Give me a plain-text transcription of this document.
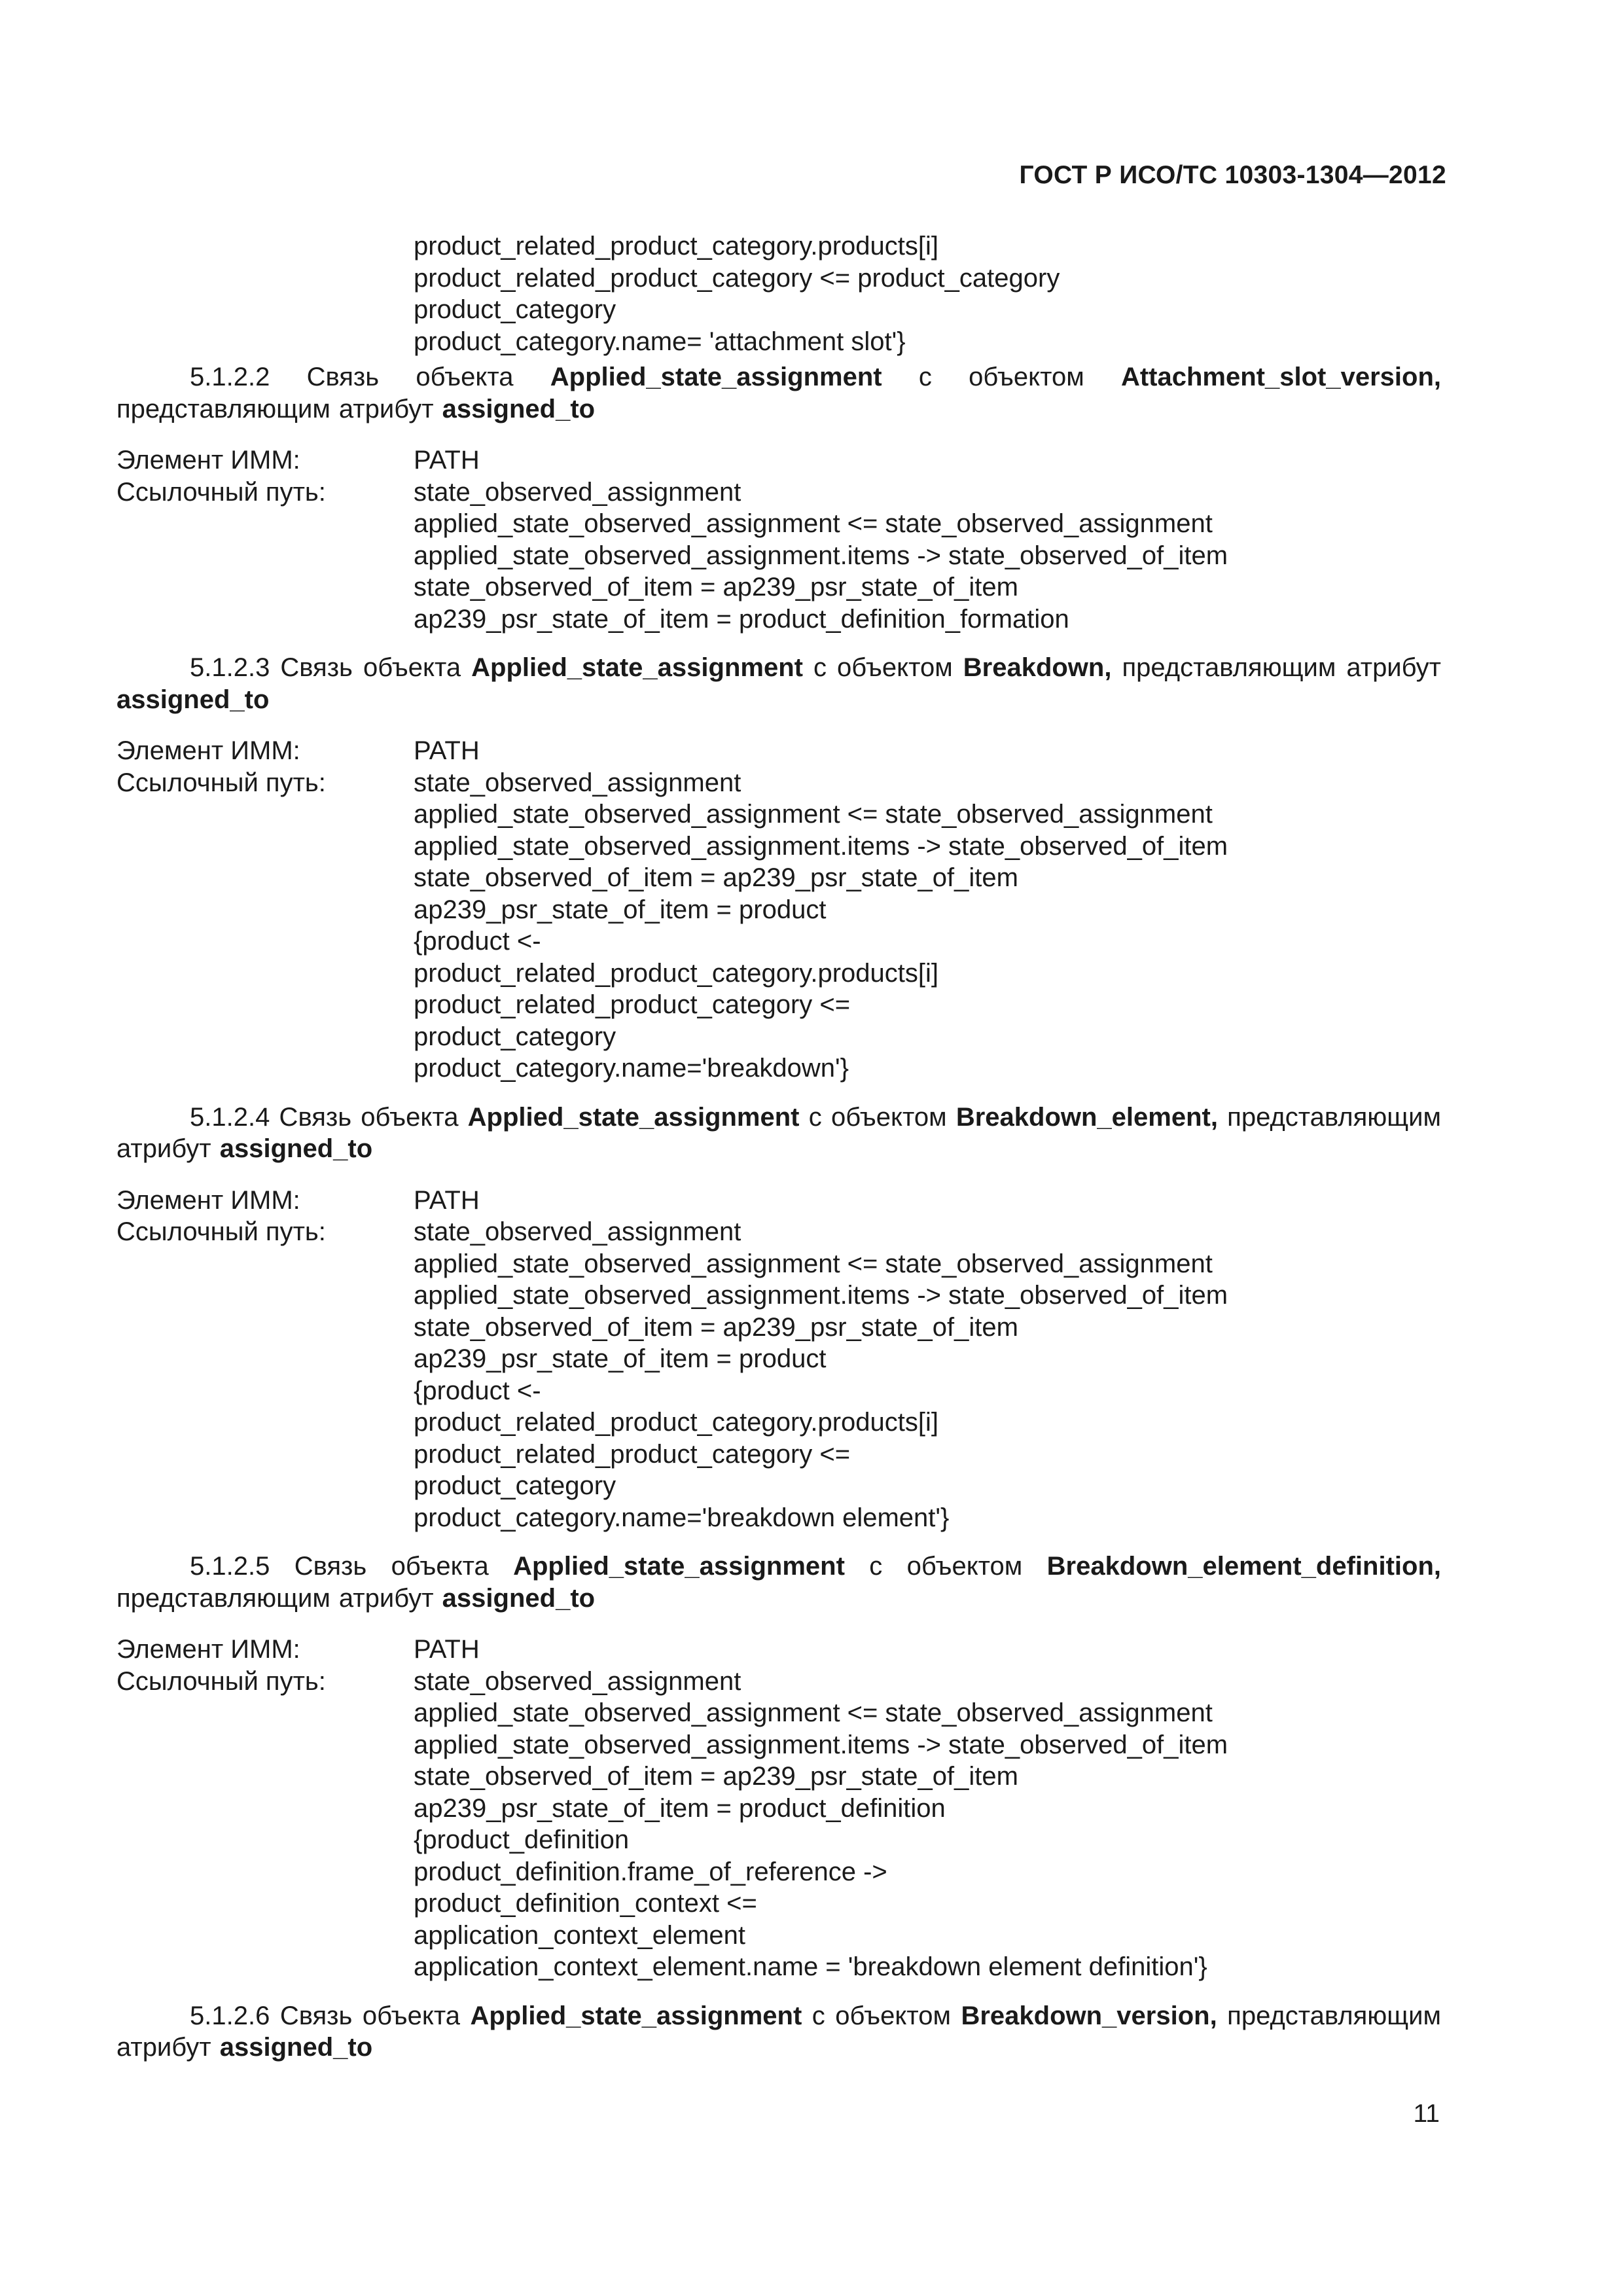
ГОСТ Р ИСО/ТС 10303-1304—2012
product_related_product_category.products[i]
product_related_product_category <= product_category
product_category
product_category.name= 'attachment slot'}
5.1.2.2 Связь объекта Applied_state_assignment с объектом Attachment_slot_version, представляющим атрибут assigned_to
Элемент ИММ:
Ссылочный путь:
PATH
state_observed_assignment
applied_state_observed_assignment <= state_observed_assignment
applied_state_observed_assignment.items -> state_observed_of_item
state_observed_of_item = ap239_psr_state_of_item
ap239_psr_state_of_item = product_definition_formation
5.1.2.3 Связь объекта Applied_state_assignment с объектом Breakdown, представляющим атрибут assigned_to
Элемент ИММ:
Ссылочный путь:
PATH
state_observed_assignment
applied_state_observed_assignment <= state_observed_assignment
applied_state_observed_assignment.items -> state_observed_of_item
state_observed_of_item = ap239_psr_state_of_item
ap239_psr_state_of_item = product
{product <-
product_related_product_category.products[i]
product_related_product_category <=
product_category
product_category.name='breakdown'}
5.1.2.4 Связь объекта Applied_state_assignment с объектом Breakdown_element, представляющим атрибут assigned_to
Элемент ИММ:
Ссылочный путь:
PATH
state_observed_assignment
applied_state_observed_assignment <= state_observed_assignment
applied_state_observed_assignment.items -> state_observed_of_item
state_observed_of_item = ap239_psr_state_of_item
ap239_psr_state_of_item = product
{product <-
product_related_product_category.products[i]
product_related_product_category <=
product_category
product_category.name='breakdown element'}
5.1.2.5 Связь объекта Applied_state_assignment с объектом Breakdown_element_definition, представляющим атрибут assigned_to
Элемент ИММ:
Ссылочный путь:
PATH
state_observed_assignment
applied_state_observed_assignment <= state_observed_assignment
applied_state_observed_assignment.items -> state_observed_of_item
state_observed_of_item = ap239_psr_state_of_item
ap239_psr_state_of_item = product_definition
{product_definition
product_definition.frame_of_reference ->
product_definition_context <=
application_context_element
application_context_element.name = 'breakdown element definition'}
5.1.2.6 Связь объекта Applied_state_assignment с объектом Breakdown_version, представляющим атрибут assigned_to
11
